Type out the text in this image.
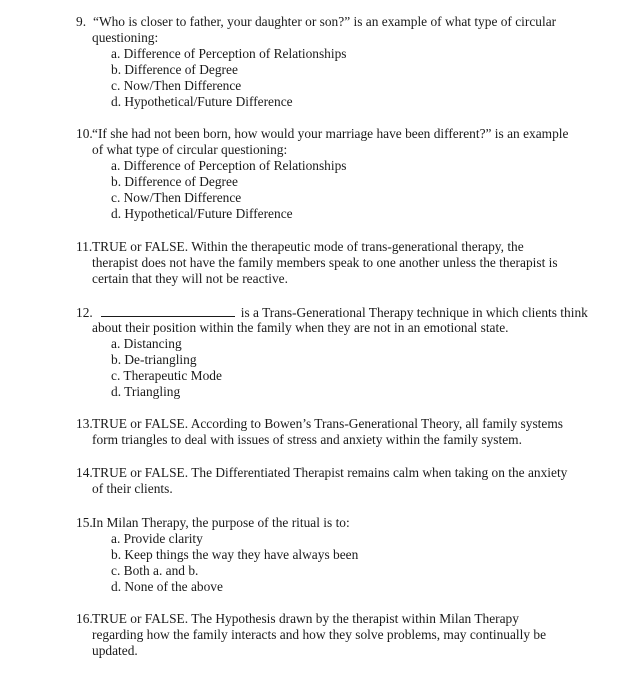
9. “Who is closer to father, your daughter or son?” is an example of what type of circular
questioning:
a. Difference of Perception of Relationships
b. Difference of Degree
c. Now/Then Difference
d. Hypothetical/Future Difference
10. “If she had not been born, how would your marriage have been different?” is an example
of what type of circular questioning:
a. Difference of Perception of Relationships
b. Difference of Degree
c. Now/Then Difference
d. Hypothetical/Future Difference
11. TRUE or FALSE. Within the therapeutic mode of trans-generational therapy, the
therapist does not have the family members speak to one another unless the therapist is
certain that they will not be reactive.
12.	is a Trans-Generational Therapy technique in which clients think
about their position within the family when they are not in an emotional state.
a. Distancing
b. De-triangling
c. Therapeutic Mode
d. Triangling
13. TRUE or FALSE. According to Bowen’s Trans-Generational Theory, all family systems
form triangles to deal with issues of stress and anxiety within the family system.
14. TRUE or FALSE. The Differentiated Therapist remains calm when taking on the anxiety
of their clients.
15. In Milan Therapy, the purpose of the ritual is to:
a. Provide clarity
b. Keep things the way they have always been
c. Both a. and b.
d. None of the above
16. TRUE or FALSE. The Hypothesis drawn by the therapist within Milan Therapy
regarding how the family interacts and how they solve problems, may continually be
updated.
